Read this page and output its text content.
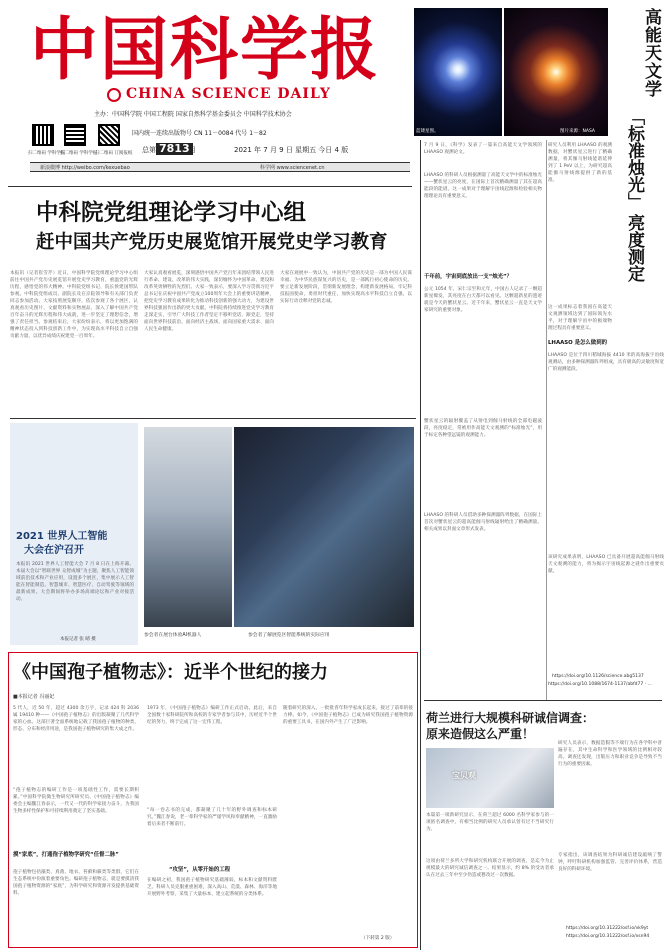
中国科学报
CHINA SCIENCE DAILY
主办：中国科学院 中国工程院 国家自然科学基金委员会 中国科学技术协会
国内统一连续出版物号 CN 11－0084 代号 1－82
扫二维码 学科学报
扫二维码 学科学报
扫二维码 订阅报纸 总第 7813
期	2021 年 7 月 9 日 星期五 今日 4 版
新浪微博 http://weibo.com/kexuebao	科学网 www.sciencenet.cn
蓝矮星图。	图片来源：NASA
高能天文学
「标准烛光」
亮度测定
中科院党组理论学习中心组
赶中国共产党历史展览馆开展党史学习教育
本报讯（记者崔雪芹）近日，中国科学院党组理论学习中心组前往中国共产党历史展览馆开展党史学习教育，重温党的光辉历程，感悟党的伟大精神。中科院党组书记、院长侯建国带队参观。中科院党组成员、副院长及在京院领导和有关部门负责同志参加活动。大家按照展览顺序，依次参观了各个展区，认真观看历史图片、文献资料和实物展品，深入了解中国共产党百年奋斗的光辉历程和伟大成就，进一步坚定了理想信念，增强了责任担当。参观结束后，大家纷纷表示，将以更加饱满的精神状态投入到科技创新工作中，为实现高水平科技自立自强贡献力量，以优异成绩庆祝建党一百周年。
大家认真观看展览，深刻感悟中国共产党百年来团结带领人民进行革命、建设、改革的伟大实践，深切缅怀为中国革命、建设和改革英勇牺牲的先烈们。大家一致表示，要深入学习贯彻习近平总书记在庆祝中国共产党成立100周年大会上的重要讲话精神，把党史学习教育成果转化为推动科技创新的强大动力，为建设世界科技强国作出新的更大贡献。中科院将持续推进党史学习教育走深走实，引导广大科技工作者坚定不移听党话、跟党走，坚持面向世界科技前沿、面向经济主战场、面向国家重大需求、面向人民生命健康。
大家在观展中一致认为，中国共产党的历史是一部为中国人民谋幸福、为中华民族谋复兴的历史，是一部践行初心使命的历史。要立足新发展阶段，贯彻新发展理念，构建新发展格局，牢记科技报国使命，勇担时代重任，加快实现高水平科技自立自强，以实际行动诠释对党的忠诚。
2021 世界人工智能
大会在沪召开
本报讯 2021 世界人工智能大会 7 月 8 日在上海开幕。本届大会以“智联世界 众智成城”为主题，聚焦人工智能领域前沿技术和产业应用，设置多个展区，集中展示人工智能在智能制造、智慧城市、智慧医疗、自动驾驶等领域的最新成果。大会期间将举办多场高端论坛和产业对接活动。
本报记者 张 晴 摄
参会者在展台体验AI机器人	参会者了解展览区智能系统的实际应用
《中国孢子植物志》：近半个世纪的接力
■本报记者 冯丽妃
5 代人，近 50 年，超过 4300 余万字，记录 424 科 2036 属 19410 种——《中国孢子植物志》的出版凝聚了几代科学家的心血。这部巨著全面系统地记载了我国孢子植物的种类、形态、分布和经济用途，是我国孢子植物研究的集大成之作。
“孢子植物志的编研工作是一项基础性工作，需要长期积累。”中国科学院微生物研究所研究员、《中国孢子植物志》编委会主编魏江春表示，一代又一代的科学家接力奋斗，为我国生物多样性保护和可持续利用奠定了坚实基础。
摸“家底”，打通孢子植物学研究“任督二脉”
孢子植物包括藻类、真菌、地衣、苔藓和蕨类等类群，它们在生态系统中扮演着重要角色。编研孢子植物志，就是要摸清我国孢子植物资源的“家底”，为科学研究和资源开发提供基础资料。
1973 年，《中国孢子植物志》编研工作正式启动。此后，来自全国数十家科研院所和高校的专家学者参与其中，历经近半个世纪的努力，终于完成了这一宏伟工程。
“每一卷志书的完成，都凝聚了几十年的野外调查和标本研究。”魏江春说，老一辈科学家的严谨学风和奉献精神，一直激励着后来者不断前行。
“攻坚”，从零开始的工程
在编研之初，我国孢子植物研究基础薄弱，标本和文献资料匮乏。科研人员克服重重困难，深入高山、荒漠、森林、海洋等地开展野外考察，采集了大量标本，建立起系统的分类体系。
随着研究的深入，一批批青年科学家成长起来，接过了前辈的接力棒。如今，《中国孢子植物志》已成为研究我国孢子植物资源的重要工具书，在国内外产生了广泛影响。
（下转第 2 版）
7 月 9 日，《科学》发表了一篇来自高能天文学领域的 LHAASO 观测论文。
LHAASO 的科研人员根据测量了高能天文学中的标准烛光——蟹状星云的亮度，在国际上首次精确测量了其在超高能段的能谱。这一成果对于理解宇宙线起源和检验相关物理理论具有重要意义。
千年前，宇宙到底放出一支“烛光”？
公元 1054 年，宋仁宗至和元年，中国古人记录了一颗超新星爆发，其亮度在白天都可以看见。这颗超新星的遗迹就是今天的蟹状星云。近千年来，蟹状星云一直是天文学家研究的重要对象。
蟹状星云的辐射覆盖了从射电到伽马射线的全部电磁波段，亮度稳定，常被用作高能天文观测的“标准烛光”，用于标定各种望远镜的观测能力。
LHAASO 的科研人员借助多种探测器阵列数据，在国际上首次对蟹状星云的超高能伽马射线辐射给出了精确测量。相关成果以封面文章形式发表。
研究人员利用 LHAASO 的观测数据，对蟹状星云进行了精确测量，将其伽马射线能谱延伸到了 1 PeV 以上，为研究超高能伽马射线源提供了新的基准。
这一成果标志着我国在高能天文观测领域达到了国际领先水平，对于理解宇宙中的极端物理过程具有重要意义。
LHAASO 是怎么做到的
LHAASO 是位于四川稻城海拔 4410 米的高海拔宇宙线观测站，由多种探测器阵列组成，具有极高的灵敏度和宽广的观测能段。
该研究成果表明，LHAASO 已具备开展超高能伽马射线天文观测的能力，将为揭示宇宙线起源之谜作出重要贡献。
https://doi.org/10.1126/science.abg5137
https://doi.org/10.1088/1674-1137/abfd77 · ...
荷兰进行大规模科研诚信调查：
原来造假这么严重！
宝贝观
本篇第一项新研究显示，在荷兰超过 6000 名科学家参与的一项匿名调查中，有相当比例的研究人员承认曾有过不当研究行为。
这项由荷兰多所大学和研究机构联合开展的调查，是迄今为止规模最大的研究诚信调查之一。结果显示，约 8% 的受访者承认在过去三年中至少伪造或篡改过一次数据。
研究人员表示，数据造假等不端行为在各学科中普遍存在，其中生命科学和医学领域的比例相对较高。调查还发现，出版压力和职业竞争是导致不当行为的重要因素。
专家指出，该调查结果为科研诚信建设敲响了警钟，呼吁科研机构加强监管、完善评价体系，营造良好的科研环境。
https://doi.org/10.31222/osf.io/vk9yt
https://doi.org/10.31222/osf.io/xsn94
